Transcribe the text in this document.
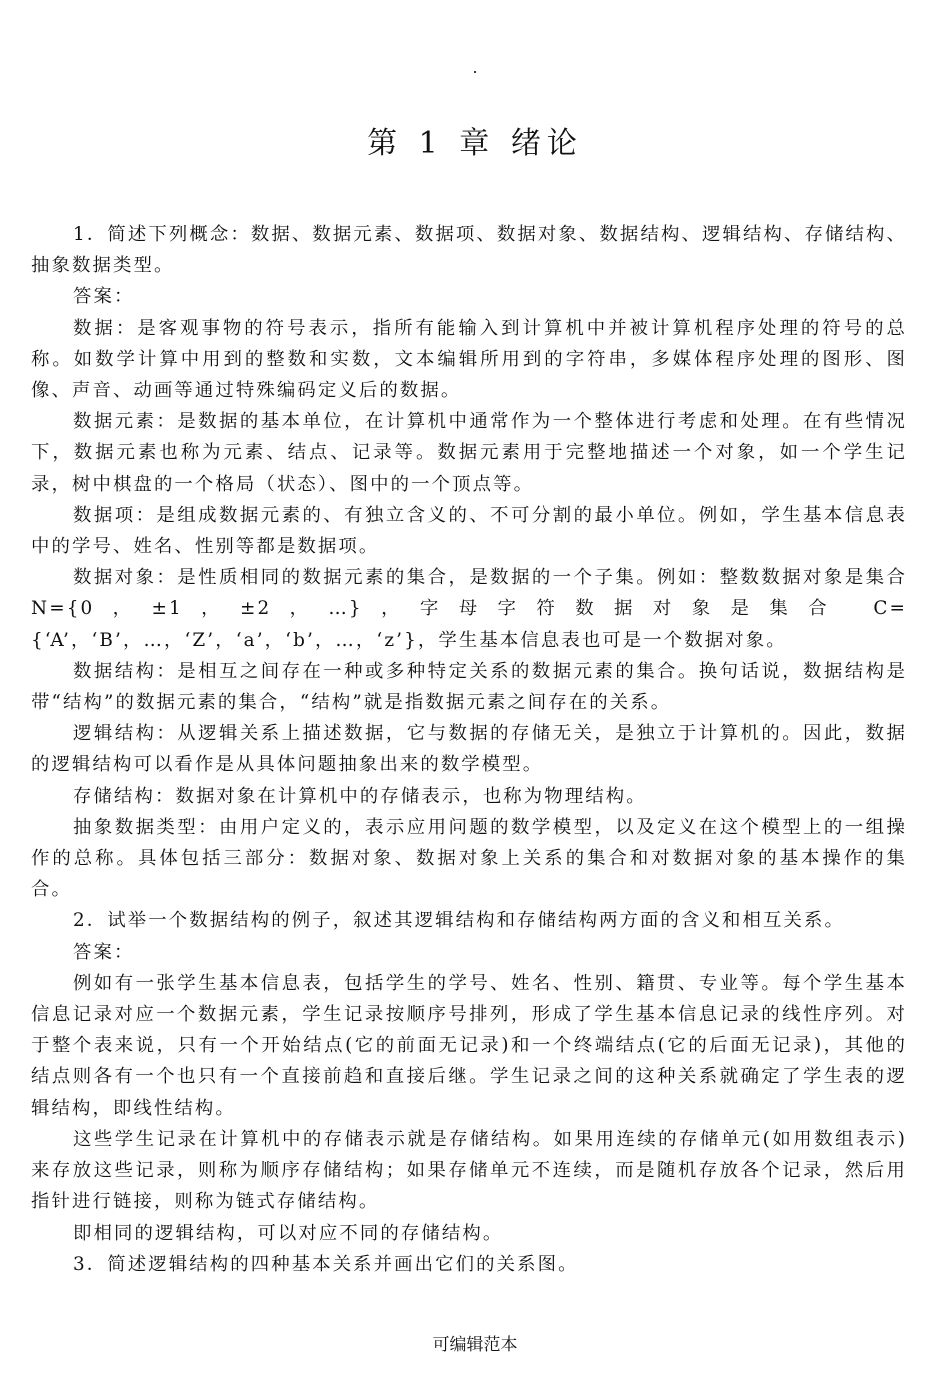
.
第 1 章 绪论

1．简述下列概念：数据、数据元素、数据项、数据对象、数据结构、逻辑结构、存储结构、抽象数据类型。

答案：

数据：是客观事物的符号表示，指所有能输入到计算机中并被计算机程序处理的符号的总称。如数学计算中用到的整数和实数，文本编辑所用到的字符串，多媒体程序处理的图形、图像、声音、动画等通过特殊编码定义后的数据。

数据元素：是数据的基本单位，在计算机中通常作为一个整体进行考虑和处理。在有些情况下，数据元素也称为元素、结点、记录等。数据元素用于完整地描述一个对象，如一个学生记录，树中棋盘的一个格局（状态）、图中的一个顶点等。

数据项：是组成数据元素的、有独立含义的、不可分割的最小单位。例如，学生基本信息表中的学号、姓名、性别等都是数据项。

数据对象：是性质相同的数据元素的集合，是数据的一个子集。例如：整数数据对象是集合 N={0，±1，±2，…}，字母字符数据对象是集合 C={‘A’，‘B’，…，‘Z’，‘a’，‘b’，…，‘z’}，学生基本信息表也可是一个数据对象。

数据结构：是相互之间存在一种或多种特定关系的数据元素的集合。换句话说，数据结构是带“结构”的数据元素的集合，“结构”就是指数据元素之间存在的关系。

逻辑结构：从逻辑关系上描述数据，它与数据的存储无关，是独立于计算机的。因此，数据的逻辑结构可以看作是从具体问题抽象出来的数学模型。

存储结构：数据对象在计算机中的存储表示，也称为物理结构。

抽象数据类型：由用户定义的，表示应用问题的数学模型，以及定义在这个模型上的一组操作的总称。具体包括三部分：数据对象、数据对象上关系的集合和对数据对象的基本操作的集合。

2．试举一个数据结构的例子，叙述其逻辑结构和存储结构两方面的含义和相互关系。

答案：

例如有一张学生基本信息表，包括学生的学号、姓名、性别、籍贯、专业等。每个学生基本信息记录对应一个数据元素，学生记录按顺序号排列，形成了学生基本信息记录的线性序列。对于整个表来说，只有一个开始结点(它的前面无记录)和一个终端结点(它的后面无记录)，其他的结点则各有一个也只有一个直接前趋和直接后继。学生记录之间的这种关系就确定了学生表的逻辑结构，即线性结构。

这些学生记录在计算机中的存储表示就是存储结构。如果用连续的存储单元(如用数组表示)来存放这些记录，则称为顺序存储结构；如果存储单元不连续，而是随机存放各个记录，然后用指针进行链接，则称为链式存储结构。

即相同的逻辑结构，可以对应不同的存储结构。

3．简述逻辑结构的四种基本关系并画出它们的关系图。

可编辑范本
